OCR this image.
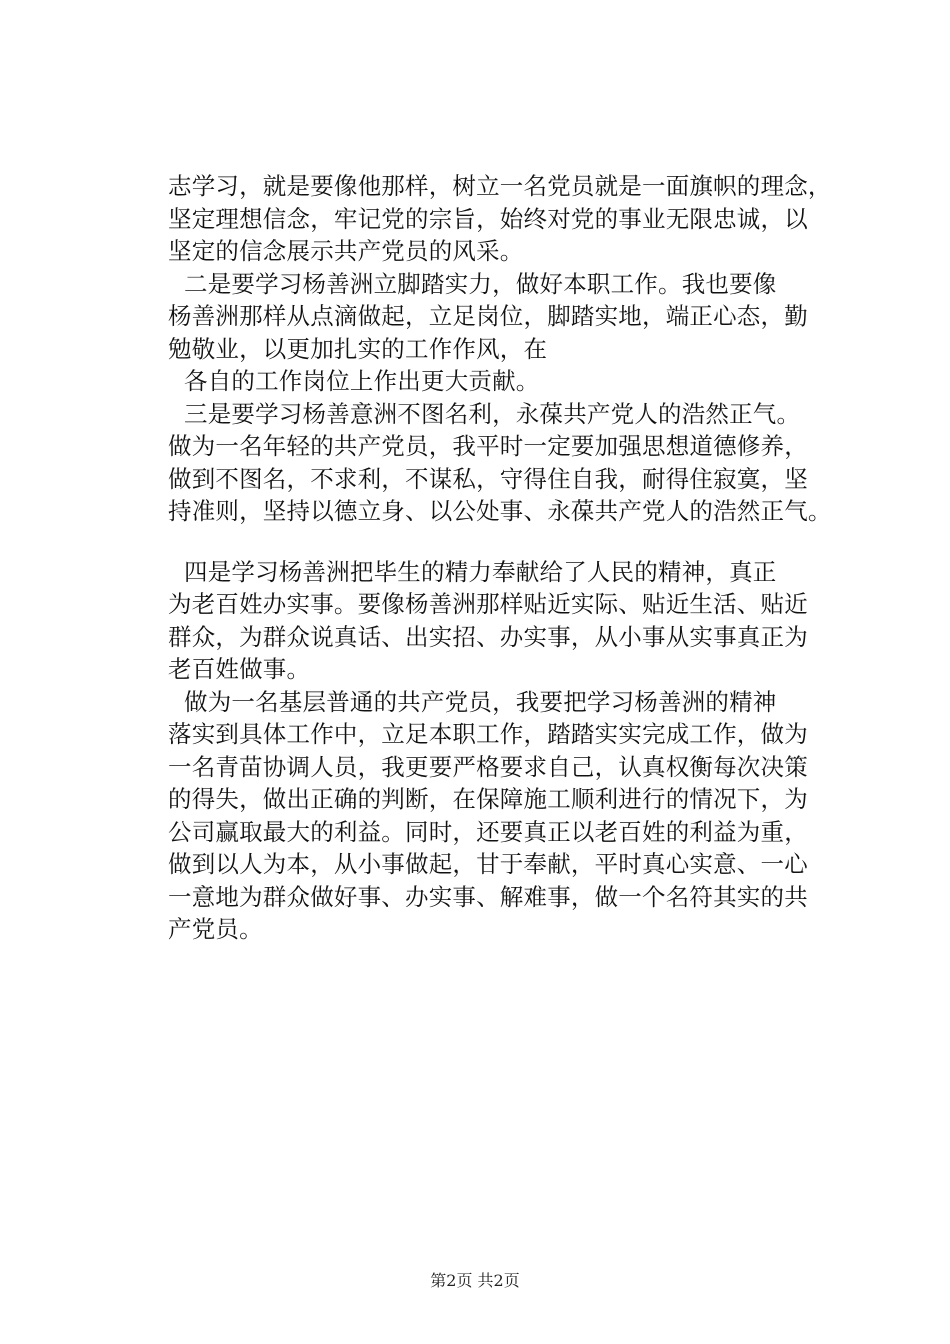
志学习，就是要像他那样，树立一名党员就是一面旗帜的理念，
坚定理想信念，牢记党的宗旨，始终对党的事业无限忠诚，以
坚定的信念展示共产党员的风采。
二是要学习杨善洲立脚踏实力，做好本职工作。我也要像
杨善洲那样从点滴做起，立足岗位，脚踏实地，端正心态，勤
勉敬业，以更加扎实的工作作风，在
各自的工作岗位上作出更大贡献。
三是要学习杨善意洲不图名利，永葆共产党人的浩然正气。
做为一名年轻的共产党员，我平时一定要加强思想道德修养，
做到不图名，不求利，不谋私，守得住自我，耐得住寂寞，坚
持准则，坚持以德立身、以公处事、永葆共产党人的浩然正气。
四是学习杨善洲把毕生的精力奉献给了人民的精神，真正
为老百姓办实事。要像杨善洲那样贴近实际、贴近生活、贴近
群众，为群众说真话、出实招、办实事，从小事从实事真正为
老百姓做事。
做为一名基层普通的共产党员，我要把学习杨善洲的精神
落实到具体工作中，立足本职工作，踏踏实实完成工作，做为
一名青苗协调人员，我更要严格要求自己，认真权衡每次决策
的得失，做出正确的判断，在保障施工顺利进行的情况下，为
公司赢取最大的利益。同时，还要真正以老百姓的利益为重，
做到以人为本，从小事做起，甘于奉献，平时真心实意、一心
一意地为群众做好事、办实事、解难事，做一个名符其实的共
产党员。
第2页 共2页
